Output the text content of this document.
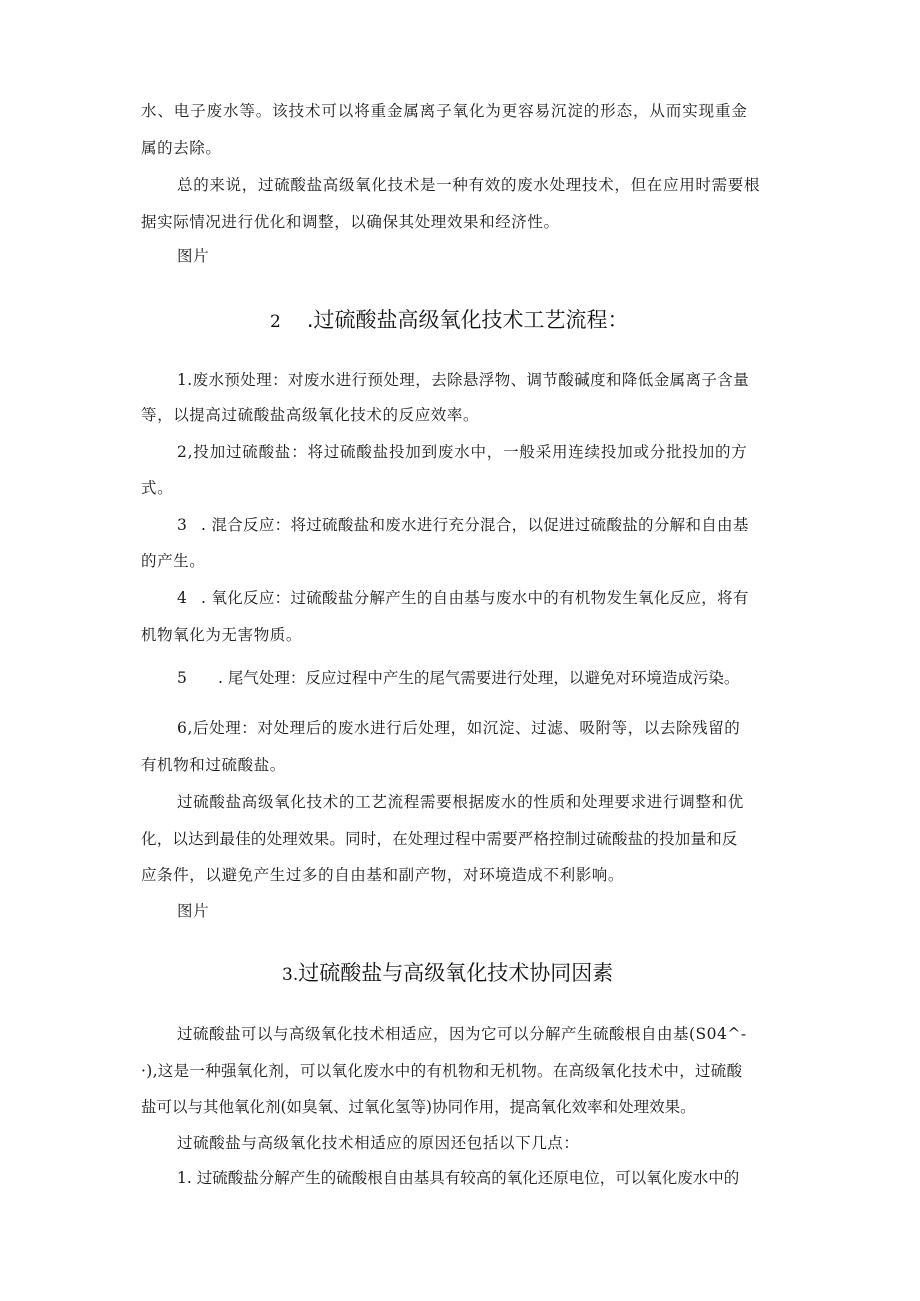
水、电子废水等。该技术可以将重金属离子氧化为更容易沉淀的形态，从而实现重金
属的去除。
总的来说，过硫酸盐高级氧化技术是一种有效的废水处理技术，但在应用时需要根
据实际情况进行优化和调整，以确保其处理效果和经济性。
图片
2 .过硫酸盐高级氧化技术工艺流程：
1.废水预处理：对废水进行预处理，去除悬浮物、调节酸碱度和降低金属离子含量
等，以提高过硫酸盐高级氧化技术的反应效率。
2,投加过硫酸盐：将过硫酸盐投加到废水中，一般采用连续投加或分批投加的方
式。
3 . 混合反应：将过硫酸盐和废水进行充分混合，以促进过硫酸盐的分解和自由基
的产生。
4 . 氧化反应：过硫酸盐分解产生的自由基与废水中的有机物发生氧化反应，将有
机物氧化为无害物质。
5 . 尾气处理：反应过程中产生的尾气需要进行处理，以避免对环境造成污染。
6,后处理：对处理后的废水进行后处理，如沉淀、过滤、吸附等，以去除残留的
有机物和过硫酸盐。
过硫酸盐高级氧化技术的工艺流程需要根据废水的性质和处理要求进行调整和优
化，以达到最佳的处理效果。同时，在处理过程中需要严格控制过硫酸盐的投加量和反
应条件，以避免产生过多的自由基和副产物，对环境造成不利影响。
图片
3.过硫酸盐与高级氧化技术协同因素
过硫酸盐可以与高级氧化技术相适应，因为它可以分解产生硫酸根自由基(S04^-
·),这是一种强氧化剂，可以氧化废水中的有机物和无机物。在高级氧化技术中，过硫酸
盐可以与其他氧化剂(如臭氧、过氧化氢等)协同作用，提高氧化效率和处理效果。
过硫酸盐与高级氧化技术相适应的原因还包括以下几点：
1. 过硫酸盐分解产生的硫酸根自由基具有较高的氧化还原电位，可以氧化废水中的
